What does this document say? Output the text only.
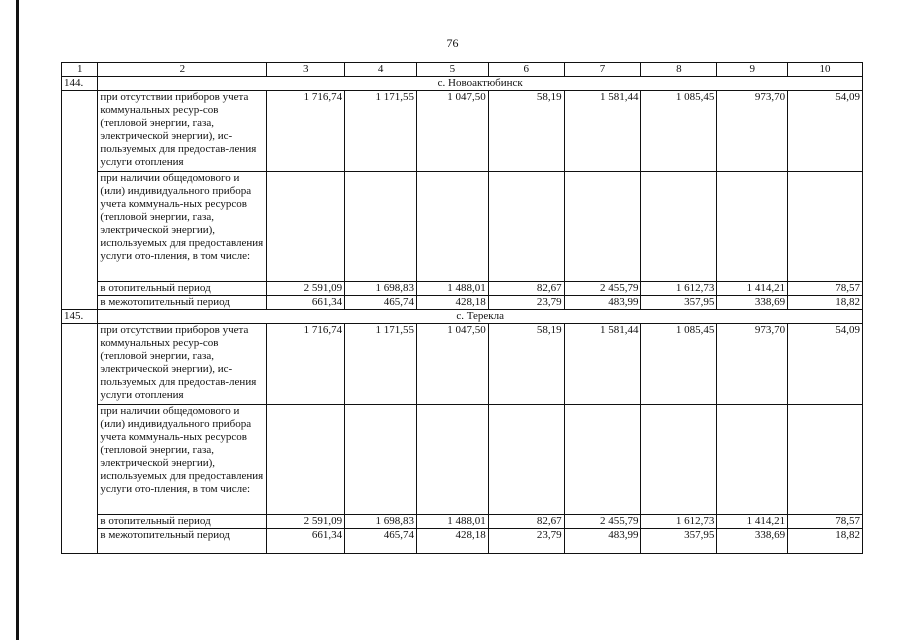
76
1	2	3	4	5	6	7	8	9	10
144.	с. Новоактюбинск								
	при отсутствии приборов учета коммунальных ресур-сов (тепловой энергии, газа, электрической энергии), ис-пользуемых для предостав-ления услуги отопления	1 716,74	1 171,55	1 047,50	58,19	1 581,44	1 085,45	973,70	54,09
	при наличии общедомового и (или) индивидуального прибора учета коммуналь-ных ресурсов (тепловой энергии, газа, электрической энергии), используемых для предоставления услуги ото-пления, в том числе:								
	в отопительный период	2 591,09	1 698,83	1 488,01	82,67	2 455,79	1 612,73	1 414,21	78,57
	в межотопительный период	661,34	465,74	428,18	23,79	483,99	357,95	338,69	18,82
145.	с. Терекла								
	при отсутствии приборов учета коммунальных ресур-сов (тепловой энергии, газа, электрической энергии), ис-пользуемых для предостав-ления услуги отопления	1 716,74	1 171,55	1 047,50	58,19	1 581,44	1 085,45	973,70	54,09
	при наличии общедомового и (или) индивидуального прибора учета коммуналь-ных ресурсов (тепловой энергии, газа, электрической энергии), используемых для предоставления услуги ото-пления, в том числе:								
	в отопительный период	2 591,09	1 698,83	1 488,01	82,67	2 455,79	1 612,73	1 414,21	78,57
	в межотопительный период	661,34	465,74	428,18	23,79	483,99	357,95	338,69	18,82
